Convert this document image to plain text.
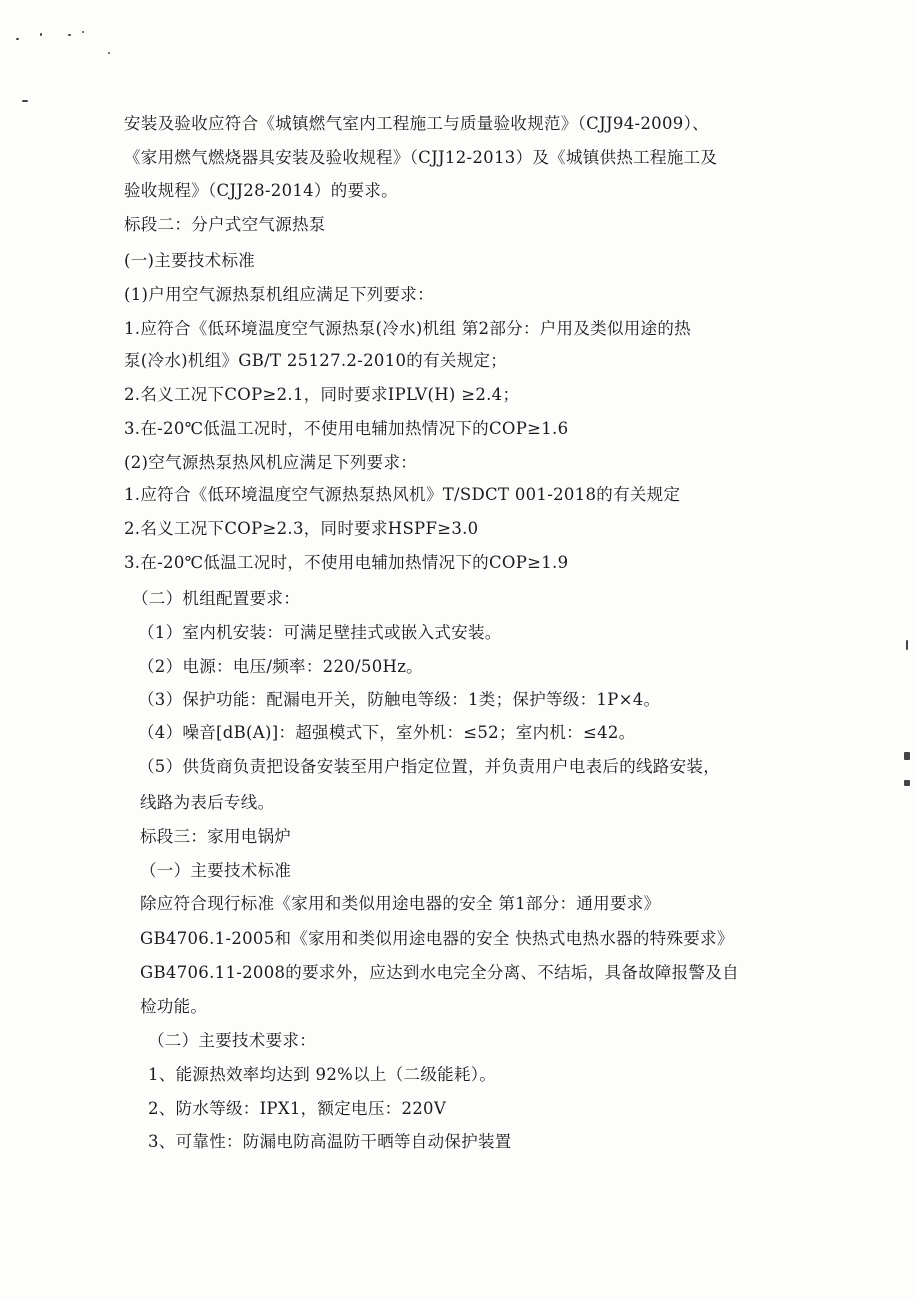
安装及验收应符合《城镇燃气室内工程施工与质量验收规范》（CJJ94-2009）、
《家用燃气燃烧器具安装及验收规程》（CJJ12-2013）及《城镇供热工程施工及
验收规程》（CJJ28-2014）的要求。
标段二：分户式空气源热泵
(一)主要技术标准
(1)户用空气源热泵机组应满足下列要求：
1.应符合《低环境温度空气源热泵(冷水)机组 第2部分：户用及类似用途的热
泵(冷水)机组》GB/T 25127.2-2010的有关规定；
2.名义工况下COP≥2.1，同时要求IPLV(H) ≥2.4；
3.在-20℃低温工况时，不使用电辅加热情况下的COP≥1.6
(2)空气源热泵热风机应满足下列要求：
1.应符合《低环境温度空气源热泵热风机》T/SDCT 001-2018的有关规定
2.名义工况下COP≥2.3，同时要求HSPF≥3.0
3.在-20℃低温工况时，不使用电辅加热情况下的COP≥1.9
（二）机组配置要求：
（1）室内机安装：可满足壁挂式或嵌入式安装。
（2）电源：电压/频率：220/50Hz。
（3）保护功能：配漏电开关，防触电等级：1类；保护等级：1P×4。
（4）噪音[dB(A)]：超强模式下，室外机：≤52；室内机：≤42。
（5）供货商负责把设备安装至用户指定位置，并负责用户电表后的线路安装，
线路为表后专线。
标段三：家用电锅炉
（一）主要技术标准
除应符合现行标准《家用和类似用途电器的安全 第1部分：通用要求》
GB4706.1-2005和《家用和类似用途电器的安全 快热式电热水器的特殊要求》
GB4706.11-2008的要求外，应达到水电完全分离、不结垢，具备故障报警及自
检功能。
（二）主要技术要求：
1、能源热效率均达到 92%以上（二级能耗）。
2、防水等级：IPX1，额定电压：220V
3、可靠性：防漏电防高温防干晒等自动保护装置
